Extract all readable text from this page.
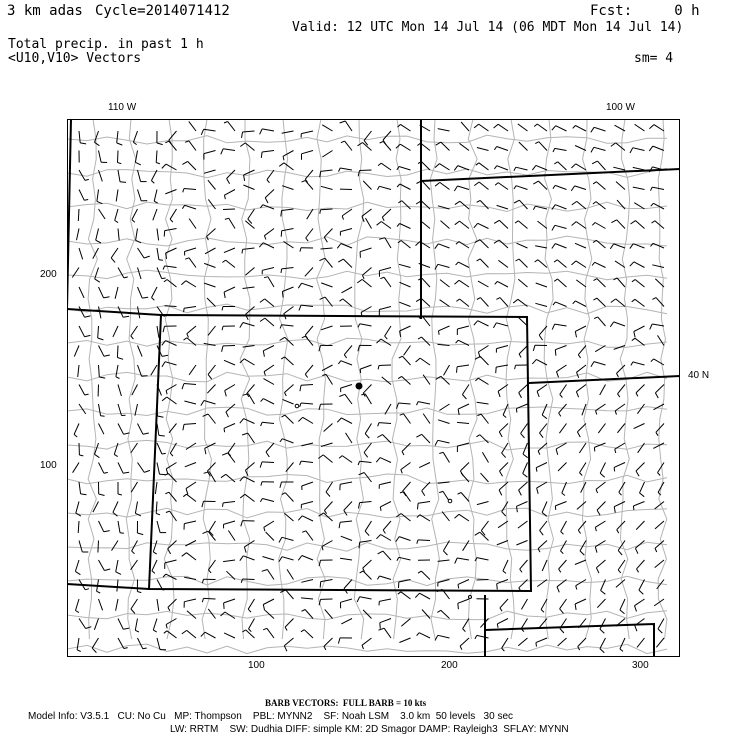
3 km adas Cycle=2014071412	Fcst:     0 h
Valid: 12 UTC Mon 14 Jul 14 (06 MDT Mon 14 Jul 14)
Total precip. in past 1 h
<U10,V10> Vectors	sm= 4
110 W	100 W
200
100
100	200	300
40 N
BARB VECTORS:  FULL BARB = 10 kts
Model Info: V3.5.1   CU: No Cu   MP: Thompson    PBL: MYNN2    SF: Noah LSM    3.0 km  50 levels   30 sec
LW: RRTM    SW: Dudhia DIFF: simple KM: 2D Smagor DAMP: Rayleigh3  SFLAY: MYNN
